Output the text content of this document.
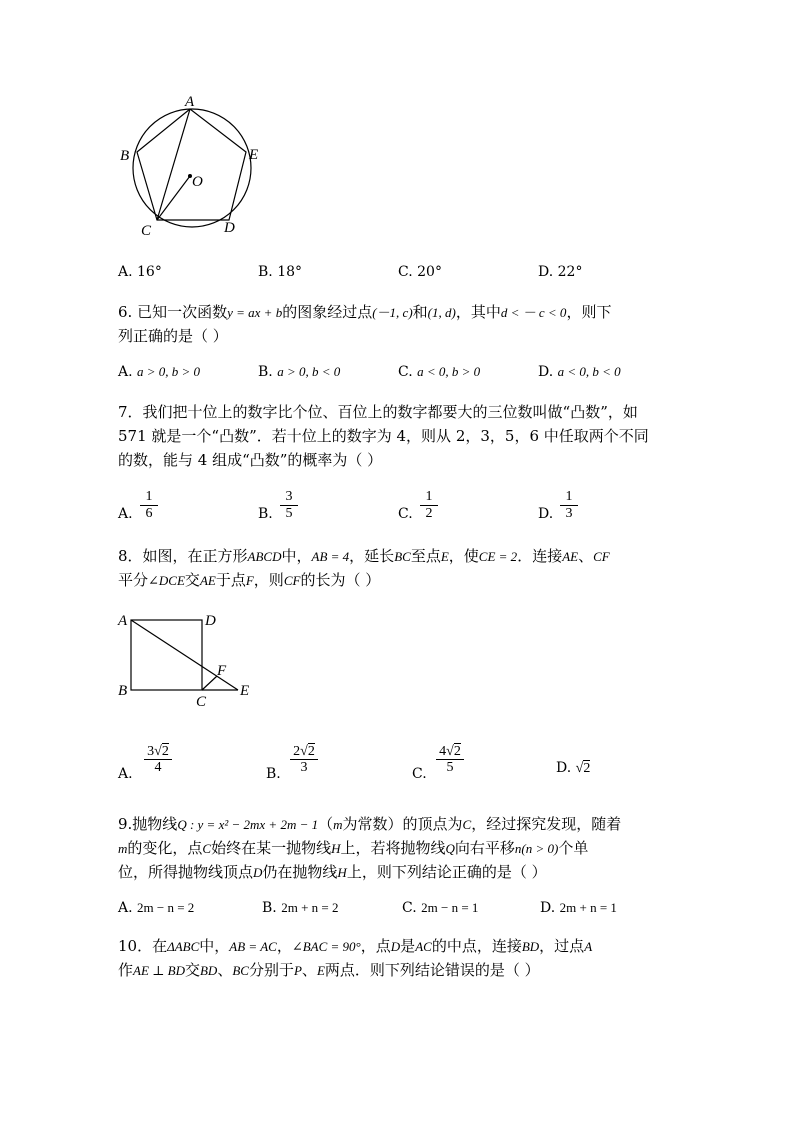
A
B
C	D
E
O
A. 16°	B. 18°	C. 20°	D. 22°
6. 已知一次函数y = ax + b的图象经过点(－1, c)和(1, d)，其中d < － c < 0，则下
列正确的是（ ）
A. a > 0, b > 0	B. a > 0, b < 0	C. a < 0, b > 0	D. a < 0, b < 0
7．我们把十位上的数字比个位、百位上的数字都要大的三位数叫做“凸数”，如
571 就是一个“凸数”．若十位上的数字为 4，则从 2，3，5，6 中任取两个不同
的数，能与 4 组成“凸数”的概率为（ ）
A.
1
6	B.
3
5	C.
1
2	D.
1
3
8．如图，在正方形ABCD中，AB = 4，延长BC至点E，使CE = 2．连接AE、CF
平分∠DCE交AE于点F，则CF的长为（ ）
A	D
B
C
E
F
A.
3√2
4	B.
2√2
3	C.
4√2
5	D. √2
9.抛物线Q : y = x² − 2mx + 2m − 1（m为常数）的顶点为C，经过探究发现，随着
m的变化，点C始终在某一抛物线H上，若将抛物线Q向右平移n(n > 0)个单
位，所得抛物线顶点D仍在抛物线H上，则下列结论正确的是（ ）
A. 2m − n = 2	B. 2m + n = 2	C. 2m − n = 1	D. 2m + n = 1
10．在ΔABC中，AB = AC，∠BAC = 90°，点D是AC的中点，连接BD，过点A
作AE ⊥ BD交BD、BC分别于P、E两点．则下列结论错误的是（ ）
